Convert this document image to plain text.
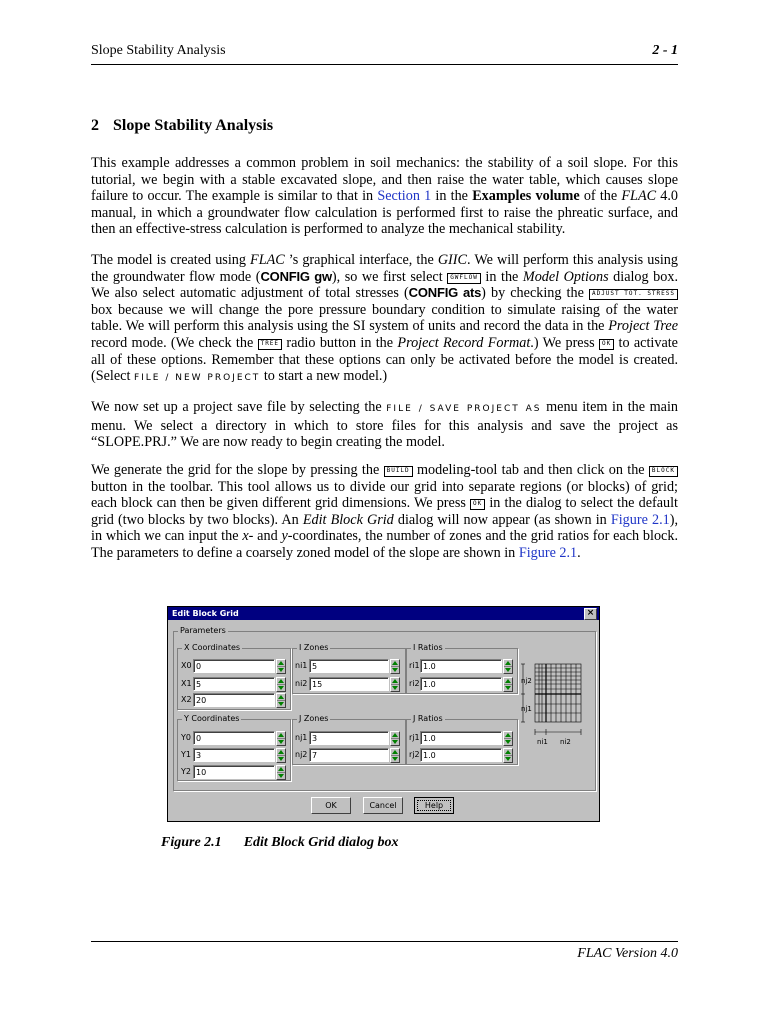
Slope Stability Analysis	2 - 1
2 Slope Stability Analysis
This example addresses a common problem in soil mechanics: the stability of a soil slope. For this tutorial, we begin with a stable excavated slope, and then raise the water table, which causes slope failure to occur. The example is similar to that in Section 1 in the Examples volume of the FLAC 4.0 manual, in which a groundwater flow calculation is performed first to raise the phreatic surface, and then an effective-stress calculation is performed to analyze the mechanical stability.
The model is created using FLAC ’s graphical interface, the GIIC. We will perform this analysis using the groundwater flow mode (CONFIG gw), so we first select GWFLOW in the Model Options dialog box. We also select automatic adjustment of total stresses (CONFIG ats) by checking the ADJUST TOT. STRESS box because we will change the pore pressure boundary condition to simulate raising of the water table. We will perform this analysis using the SI system of units and record the data in the Project Tree record mode. (We check the TREE radio button in the Project Record Format.) We press OK to activate all of these options. Remember that these options can only be activated before the model is created. (Select FILE / NEW PROJECT to start a new model.)
We now set up a project save file by selecting the FILE / SAVE PROJECT AS menu item in the main menu. We select a directory in which to store files for this analysis and save the project as “SLOPE.PRJ.” We are now ready to begin creating the model.
We generate the grid for the slope by pressing the BUILD modeling-tool tab and then click on the BLOCK button in the toolbar. This tool allows us to divide our grid into separate regions (or blocks) of grid; each block can then be given different grid dimensions. We press OK in the dialog to select the default grid (two blocks by two blocks). An Edit Block Grid dialog will now appear (as shown in Figure 2.1), in which we can input the x- and y-coordinates, the number of zones and the grid ratios for each block. The parameters to define a coarsely zoned model of the slope are shown in Figure 2.1.
Edit Block Grid	×
Parameters
X Coordinates
X0 0
X1 5
X2 20
I Zones
ni1 5
ni2 15
I Ratios
ri1 1.0
ri2 1.0
Y Coordinates
Y0 0
Y1 3
Y2 10
J Zones
nj1 3
nj2 7
J Ratios
rj1 1.0
rj2 1.0
nj2
nj1
ni1 ni2
OK	Cancel	Help
Figure 2.1 Edit Block Grid dialog box
FLAC Version 4.0
